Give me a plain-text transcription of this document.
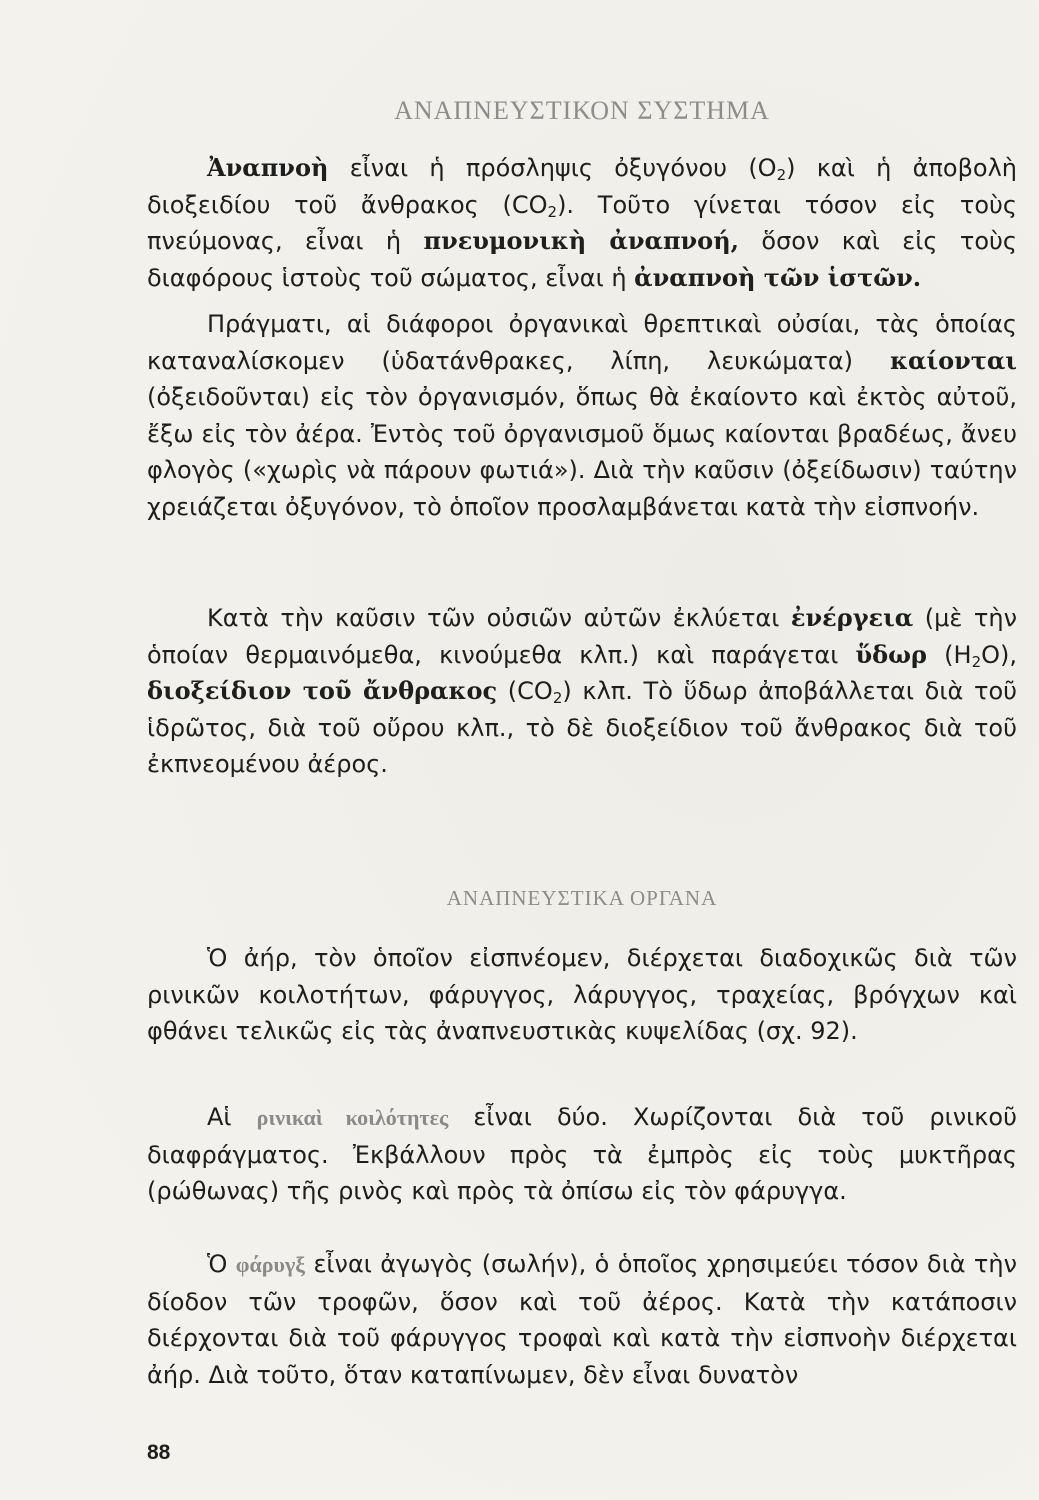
ΑΝΑΠΝΕΥΣΤΙΚΟΝ ΣΥΣΤΗΜΑ

Ἀναπνοὴ εἶναι ἡ πρόσληψις ὀξυγόνου $(O_2)$ καὶ ἡ ἀποβολὴ διοξειδίου τοῦ ἄνθρακος $(CO_2)$. Τοῦτο γίνεται τόσον εἰς τοὺς πνεύμονας, εἶναι ἡ πνευμονικὴ ἀναπνοή, ὅσον καὶ εἰς τοὺς διαφόρους ἱστοὺς τοῦ σώματος, εἶναι ἡ ἀναπνοὴ τῶν ἱστῶν.

Πράγματι, αἱ διάφοροι ὀργανικαὶ θρεπτικαὶ οὐσίαι, τὰς ὁποίας καταναλίσκομεν (ὑδατάνθρακες, λίπη, λευκώματα) καίονται (ὀξειδοῦνται) εἰς τὸν ὀργανισμόν, ὅπως θὰ ἐκαίοντο καὶ ἐκτὸς αὐτοῦ, ἔξω εἰς τὸν ἀέρα. Ἐντὸς τοῦ ὀργανισμοῦ ὅμως καίονται βραδέως, ἄνευ φλογὸς («χωρὶς νὰ πάρουν φωτιά»). Διὰ τὴν καῦσιν (ὀξείδωσιν) ταύτην χρειάζεται ὀξυγόνον, τὸ ὁποῖον προσλαμβάνεται κατὰ τὴν εἰσπνοήν.

Κατὰ τὴν καῦσιν τῶν οὐσιῶν αὐτῶν ἐκλύεται ἐνέργεια (μὲ τὴν ὁποίαν θερμαινόμεθα, κινούμεθα κλπ.) καὶ παράγεται ὕδωρ $(H_2O)$, διοξείδιον τοῦ ἄνθρακος $(CO_2)$ κλπ. Τὸ ὕδωρ ἀποβάλλεται διὰ τοῦ ἱδρῶτος, διὰ τοῦ οὔρου κλπ., τὸ δὲ διοξείδιον τοῦ ἄνθρακος διὰ τοῦ ἐκπνεομένου ἀέρος.

ΑΝΑΠΝΕΥΣΤΙΚΑ ΟΡΓΑΝΑ

Ὁ ἀήρ, τὸν ὁποῖον εἰσπνέομεν, διέρχεται διαδοχικῶς διὰ τῶν ρινικῶν κοιλοτήτων, φάρυγγος, λάρυγγος, τραχείας, βρόγχων καὶ φθάνει τελικῶς εἰς τὰς ἀναπνευστικὰς κυψελίδας (σχ. 92).

Αἱ ρινικαὶ κοιλότητες εἶναι δύο. Χωρίζονται διὰ τοῦ ρινικοῦ διαφράγματος. Ἐκβάλλουν πρὸς τὰ ἐμπρὸς εἰς τοὺς μυκτῆρας (ρώθωνας) τῆς ρινὸς καὶ πρὸς τὰ ὀπίσω εἰς τὸν φάρυγγα.

Ὁ φάρυγξ εἶναι ἀγωγὸς (σωλήν), ὁ ὁποῖος χρησιμεύει τόσον διὰ τὴν δίοδον τῶν τροφῶν, ὅσον καὶ τοῦ ἀέρος. Κατὰ τὴν κατάποσιν διέρχονται διὰ τοῦ φάρυγγος τροφαὶ καὶ κατὰ τὴν εἰσπνοὴν διέρχεται ἀήρ. Διὰ τοῦτο, ὅταν καταπίνωμεν, δὲν εἶναι δυνατὸν

88
